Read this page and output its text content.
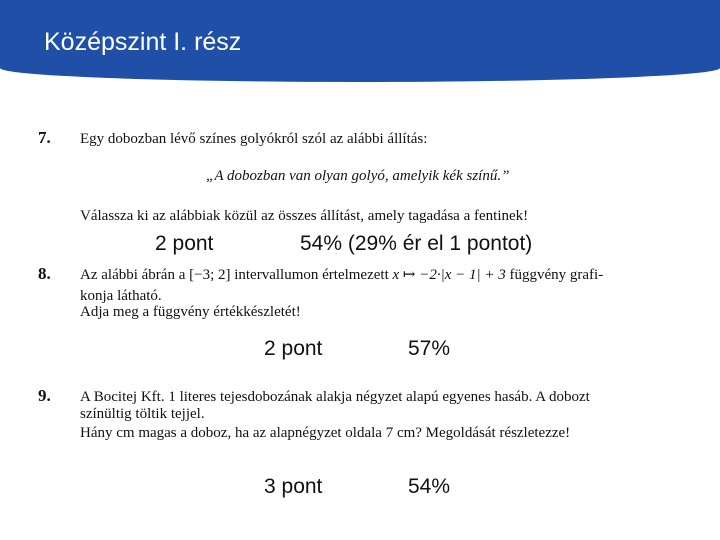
Középszint I. rész
7. Egy dobozban lévő színes golyókról szól az alábbi állítás:
„A dobozban van olyan golyó, amelyik kék színű.”
Válassza ki az alábbiak közül az összes állítást, amely tagadása a fentinek!
2 pont	54% (29% ér el 1 pontot)
8. Az alábbi ábrán a [−3; 2] intervallumon értelmezett x ↦ −2·|x − 1| + 3 függvény grafi-
konja látható.
Adja meg a függvény értékkészletét!
2 pont	57%
9. A Bocitej Kft. 1 literes tejesdobozának alakja négyzet alapú egyenes hasáb. A dobozt
színültig töltik tejjel.
Hány cm magas a doboz, ha az alapnégyzet oldala 7 cm? Megoldását részletezze!
3 pont	54%
